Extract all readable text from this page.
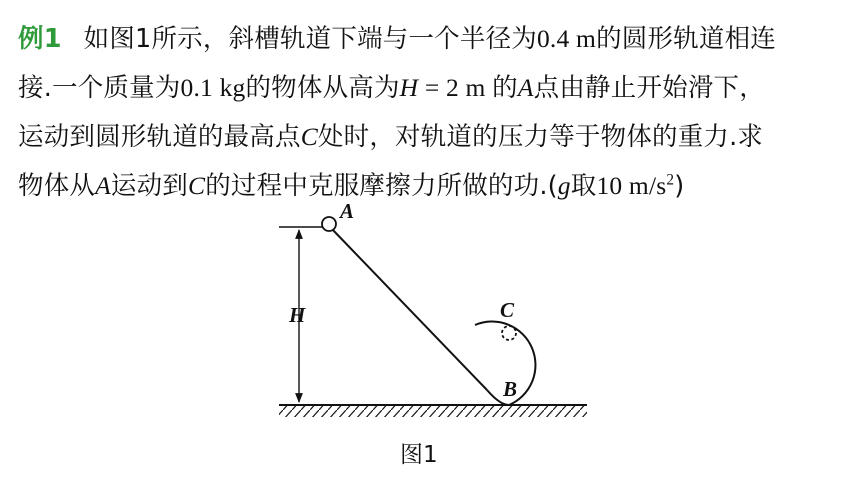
例1 如图1所示，斜槽轨道下端与一个半径为0.4 m的圆形轨道相连
接.一个质量为0.1 kg的物体从高为H = 2 m 的A点由静止开始滑下，
运动到圆形轨道的最高点C处时，对轨道的压力等于物体的重力.求
物体从A运动到C的过程中克服摩擦力所做的功.(g取10 $m/s^2$)
A
H	C
B
图1
